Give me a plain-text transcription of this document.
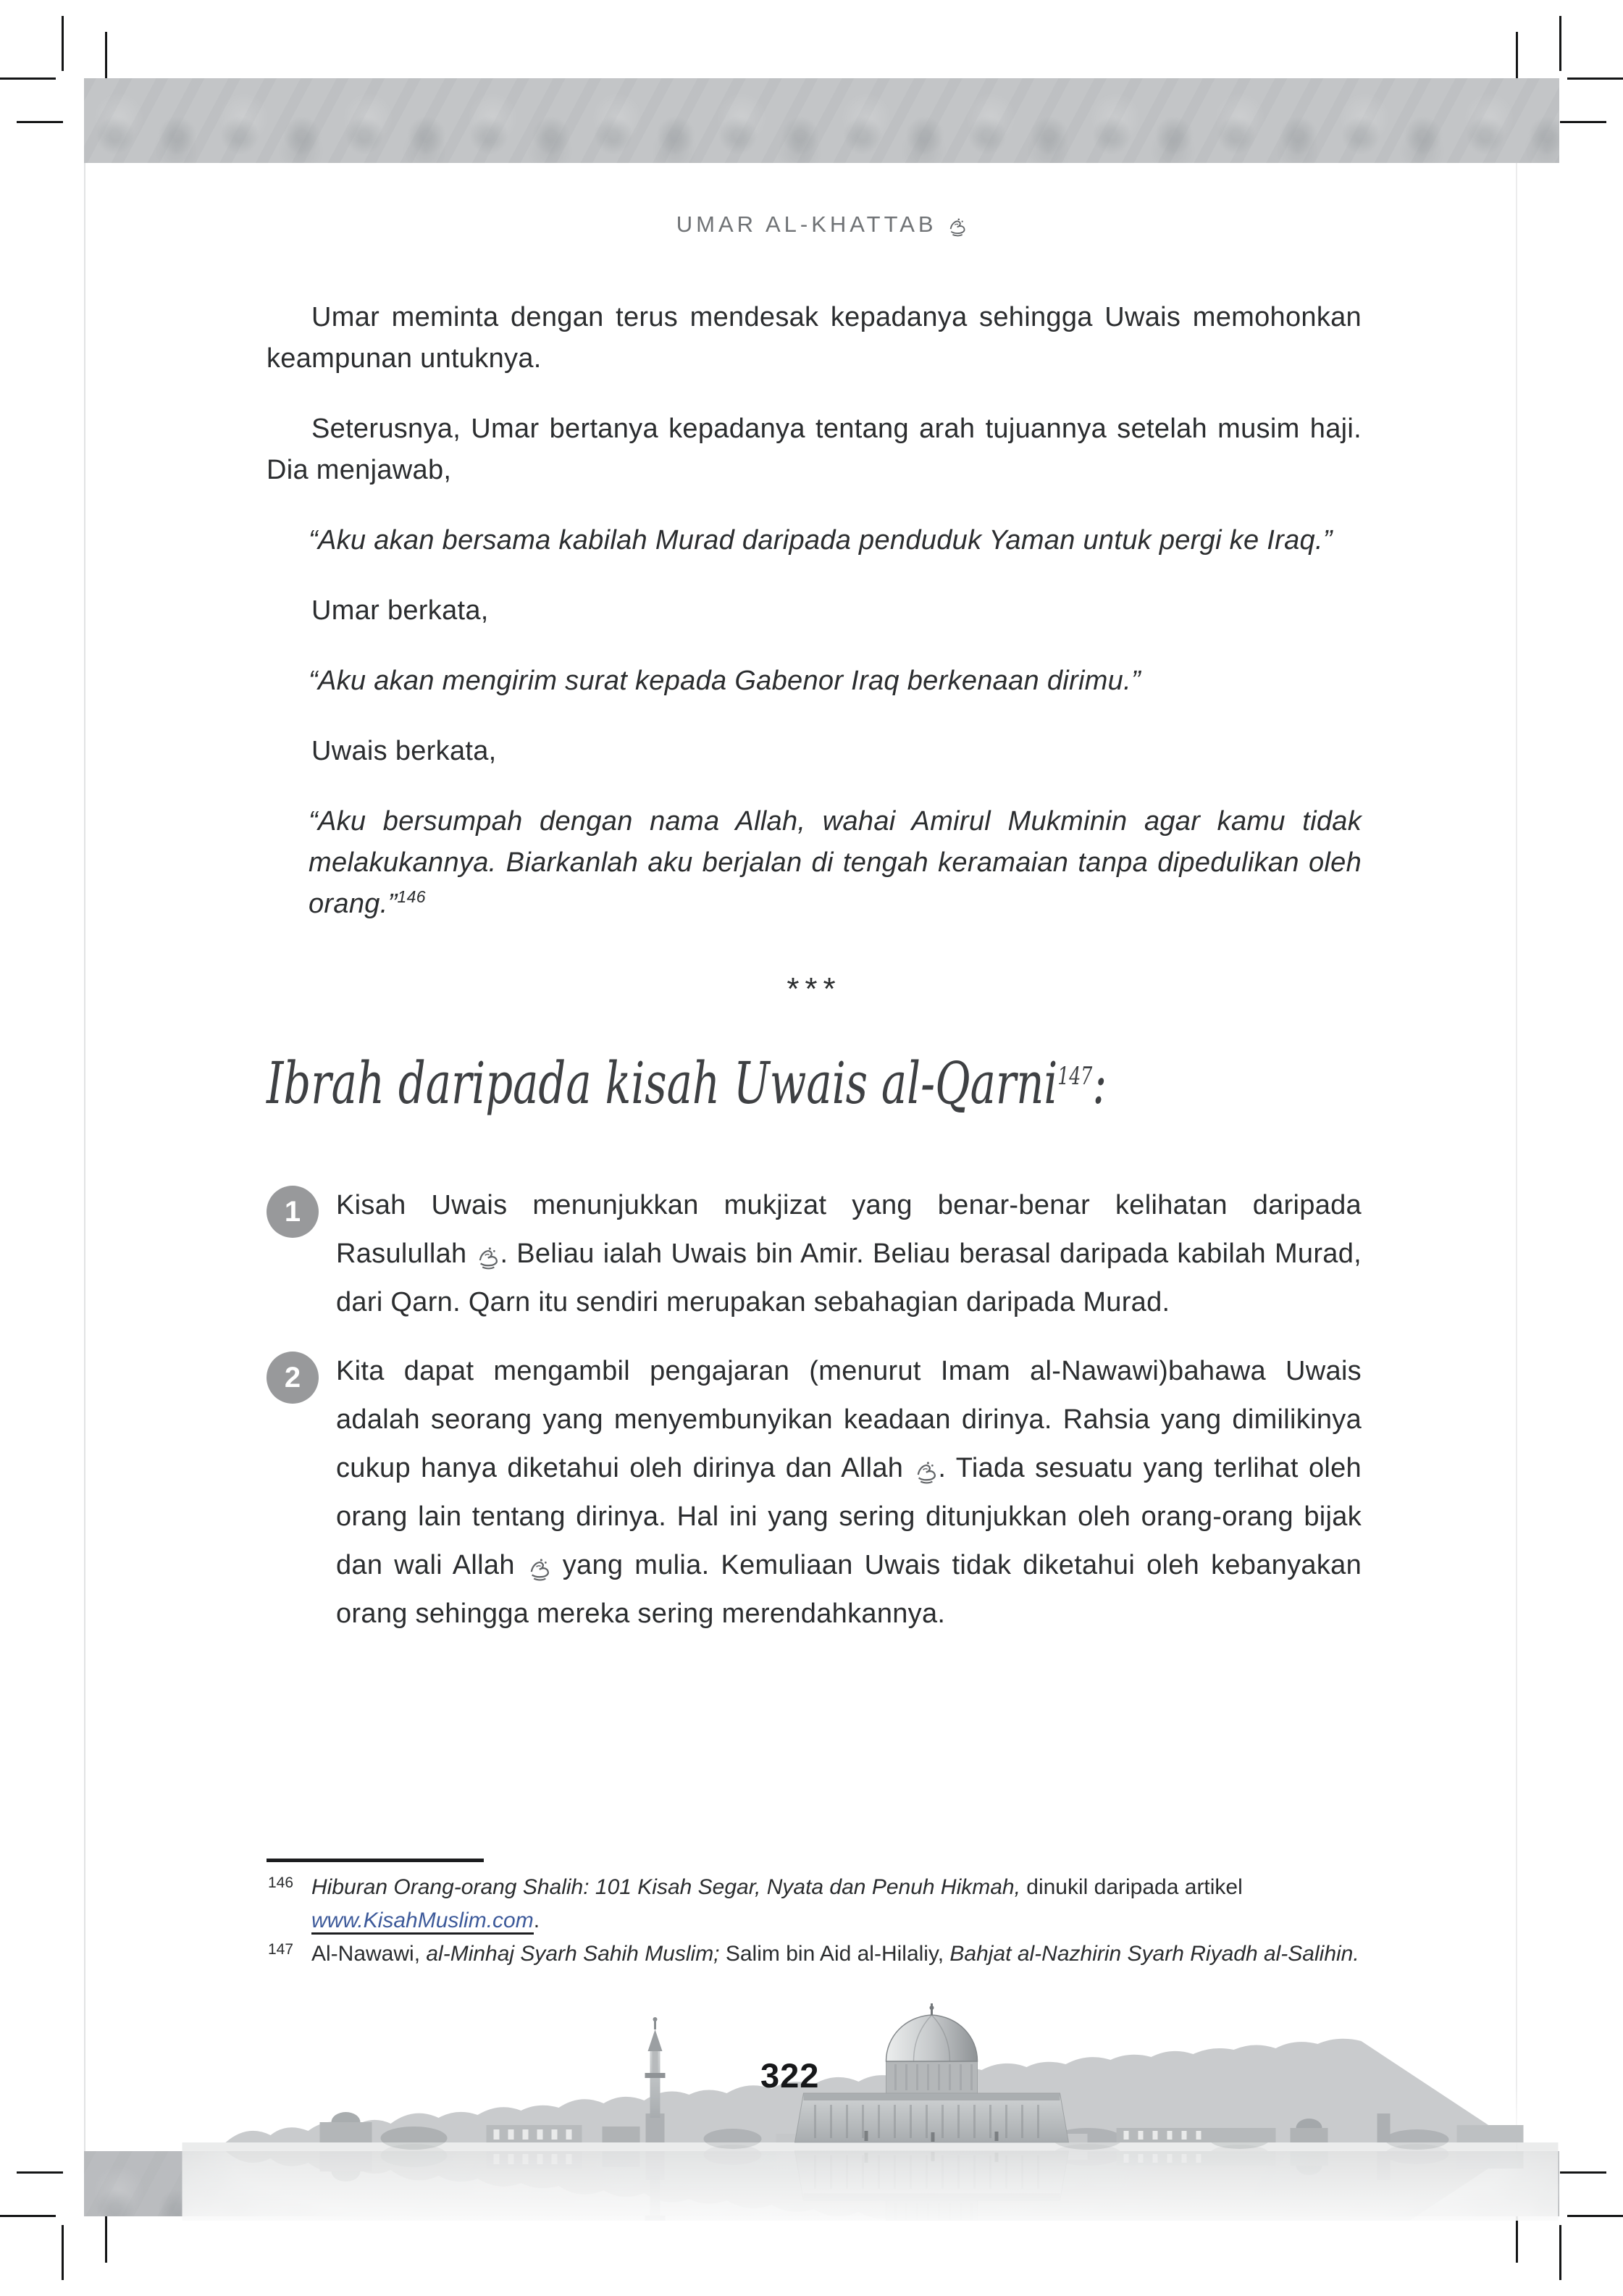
UMAR AL-KHATTAB

Umar meminta dengan terus mendesak kepadanya sehingga Uwais memohonkan keampunan untuknya.

Seterusnya, Umar bertanya kepadanya tentang arah tujuannya setelah musim haji. Dia menjawab,

“Aku akan bersama kabilah Murad daripada penduduk Yaman untuk pergi ke Iraq.”

Umar berkata,

“Aku akan mengirim surat kepada Gabenor Iraq berkenaan dirimu.”

Uwais berkata,

“Aku bersumpah dengan nama Allah, wahai Amirul Mukminin agar kamu tidak melakukannya. Biarkanlah aku berjalan di tengah keramaian tanpa dipedulikan oleh orang.”$^{146}$

***
Ibrah daripada kisah Uwais al-Qarni$^{147}$:
1	Kisah Uwais menunjukkan mukjizat yang benar-benar kelihatan daripada Rasulullah . Beliau ialah Uwais bin Amir. Beliau berasal daripada kabilah Murad, dari Qarn. Qarn itu sendiri merupakan sebahagian daripada Murad.
2	Kita dapat mengambil pengajaran (menurut Imam al-Nawawi)bahawa Uwais adalah seorang yang menyembunyikan keadaan dirinya. Rahsia yang dimilikinya cukup hanya diketahui oleh dirinya dan Allah . Tiada sesuatu yang terlihat oleh orang lain tentang dirinya. Hal ini yang sering ditunjukkan oleh orang-orang bijak dan wali Allah  yang mulia. Kemuliaan Uwais tidak diketahui oleh kebanyakan orang sehingga mereka sering merendahkannya.
146 Hiburan Orang-orang Shalih: 101 Kisah Segar, Nyata dan Penuh Hikmah, dinukil daripada artikel www.KisahMuslim.com.
147 Al-Nawawi, al-Minhaj Syarh Sahih Muslim; Salim bin Aid al-Hilaliy, Bahjat al-Nazhirin Syarh Riyadh al-Salihin.
322
